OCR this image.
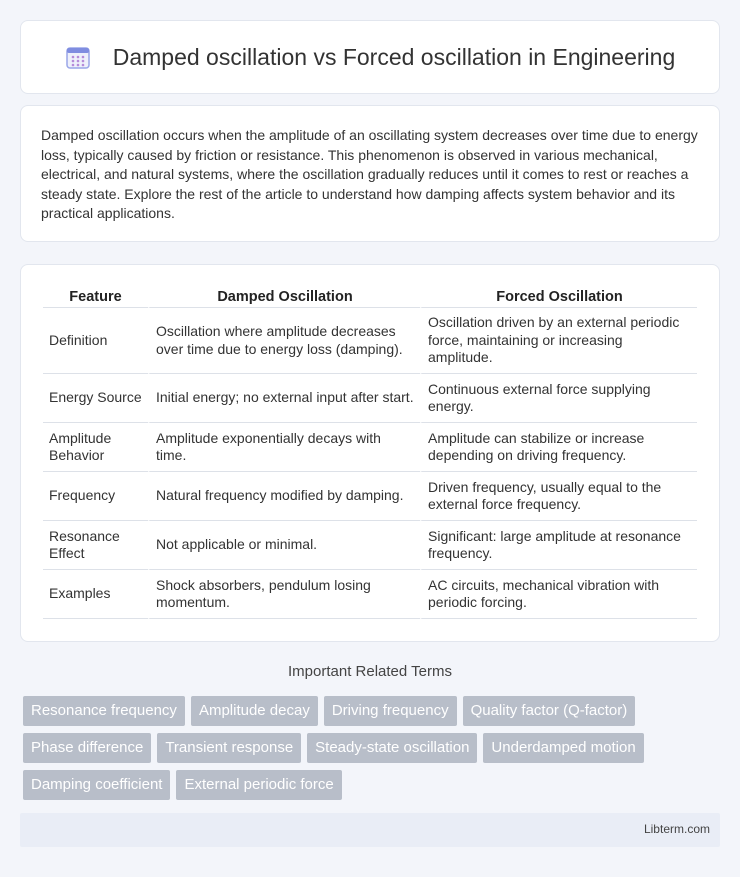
Damped oscillation vs Forced oscillation in Engineering

Damped oscillation occurs when the amplitude of an oscillating system decreases over time due to energy loss, typically caused by friction or resistance. This phenomenon is observed in various mechanical, electrical, and natural systems, where the oscillation gradually reduces until it comes to rest or reaches a steady state. Explore the rest of the article to understand how damping affects system behavior and its practical applications.

Feature	Damped Oscillation	Forced Oscillation
Definition	Oscillation where amplitude decreases over time due to energy loss (damping).	Oscillation driven by an external periodic force, maintaining or increasing amplitude.
Energy Source	Initial energy; no external input after start.	Continuous external force supplying energy.
Amplitude Behavior	Amplitude exponentially decays with time.	Amplitude can stabilize or increase depending on driving frequency.
Frequency	Natural frequency modified by damping.	Driven frequency, usually equal to the external force frequency.
Resonance Effect	Not applicable or minimal.	Significant: large amplitude at resonance frequency.
Examples	Shock absorbers, pendulum losing momentum.	AC circuits, mechanical vibration with periodic forcing.
Important Related Terms
Resonance frequency	Amplitude decay	Driving frequency	Quality factor (Q-factor)
Phase difference	Transient response	Steady-state oscillation	Underdamped motion
Damping coefficient	External periodic force
Libterm.com
